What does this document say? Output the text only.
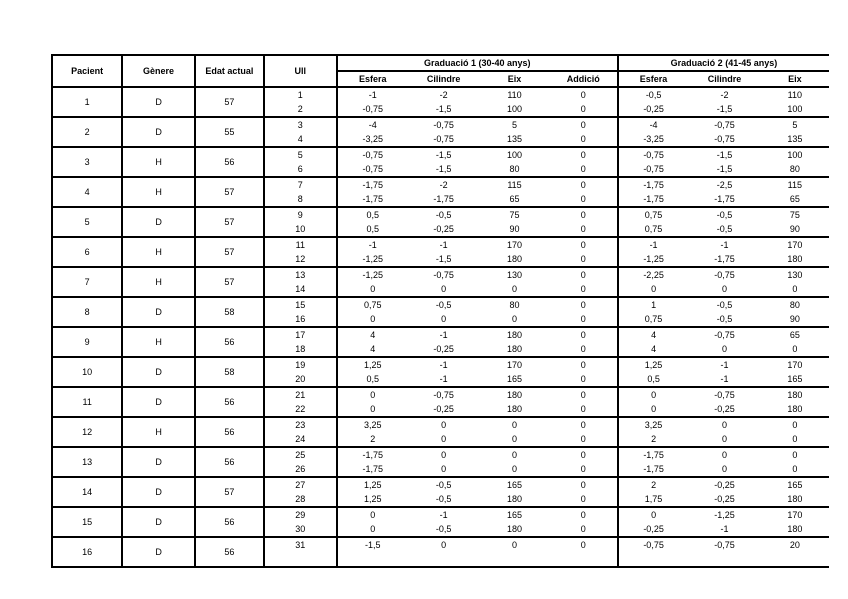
Pacient	Gènere	Edat actual	Ull	Graduació 1 (30-40 anys)				Graduació 2 (41-45 anys)		
				Esfera	Cilindre	Eix	Addició	Esfera	Cilindre	Eix
1	D	57	1	-1	-2	110	0	-0,5	-2	110
			2	-0,75	-1,5	100	0	-0,25	-1,5	100
2	D	55	3	-4	-0,75	5	0	-4	-0,75	5
			4	-3,25	-0,75	135	0	-3,25	-0,75	135
3	H	56	5	-0,75	-1,5	100	0	-0,75	-1,5	100
			6	-0,75	-1,5	80	0	-0,75	-1,5	80
4	H	57	7	-1,75	-2	115	0	-1,75	-2,5	115
			8	-1,75	-1,75	65	0	-1,75	-1,75	65
5	D	57	9	0,5	-0,5	75	0	0,75	-0,5	75
			10	0,5	-0,25	90	0	0,75	-0,5	90
6	H	57	11	-1	-1	170	0	-1	-1	170
			12	-1,25	-1,5	180	0	-1,25	-1,75	180
7	H	57	13	-1,25	-0,75	130	0	-2,25	-0,75	130
			14	0	0	0	0	0	0	0
8	D	58	15	0,75	-0,5	80	0	1	-0,5	80
			16	0	0	0	0	0,75	-0,5	90
9	H	56	17	4	-1	180	0	4	-0,75	65
			18	4	-0,25	180	0	4	0	0
10	D	58	19	1,25	-1	170	0	1,25	-1	170
			20	0,5	-1	165	0	0,5	-1	165
11	D	56	21	0	-0,75	180	0	0	-0,75	180
			22	0	-0,25	180	0	0	-0,25	180
12	H	56	23	3,25	0	0	0	3,25	0	0
			24	2	0	0	0	2	0	0
13	D	56	25	-1,75	0	0	0	-1,75	0	0
			26	-1,75	0	0	0	-1,75	0	0
14	D	57	27	1,25	-0,5	165	0	2	-0,25	165
			28	1,25	-0,5	180	0	1,75	-0,25	180
15	D	56	29	0	-1	165	0	0	-1,25	170
			30	0	-0,5	180	0	-0,25	-1	180
16	D	56	31	-1,5	0	0	0	-0,75	-0,75	20
